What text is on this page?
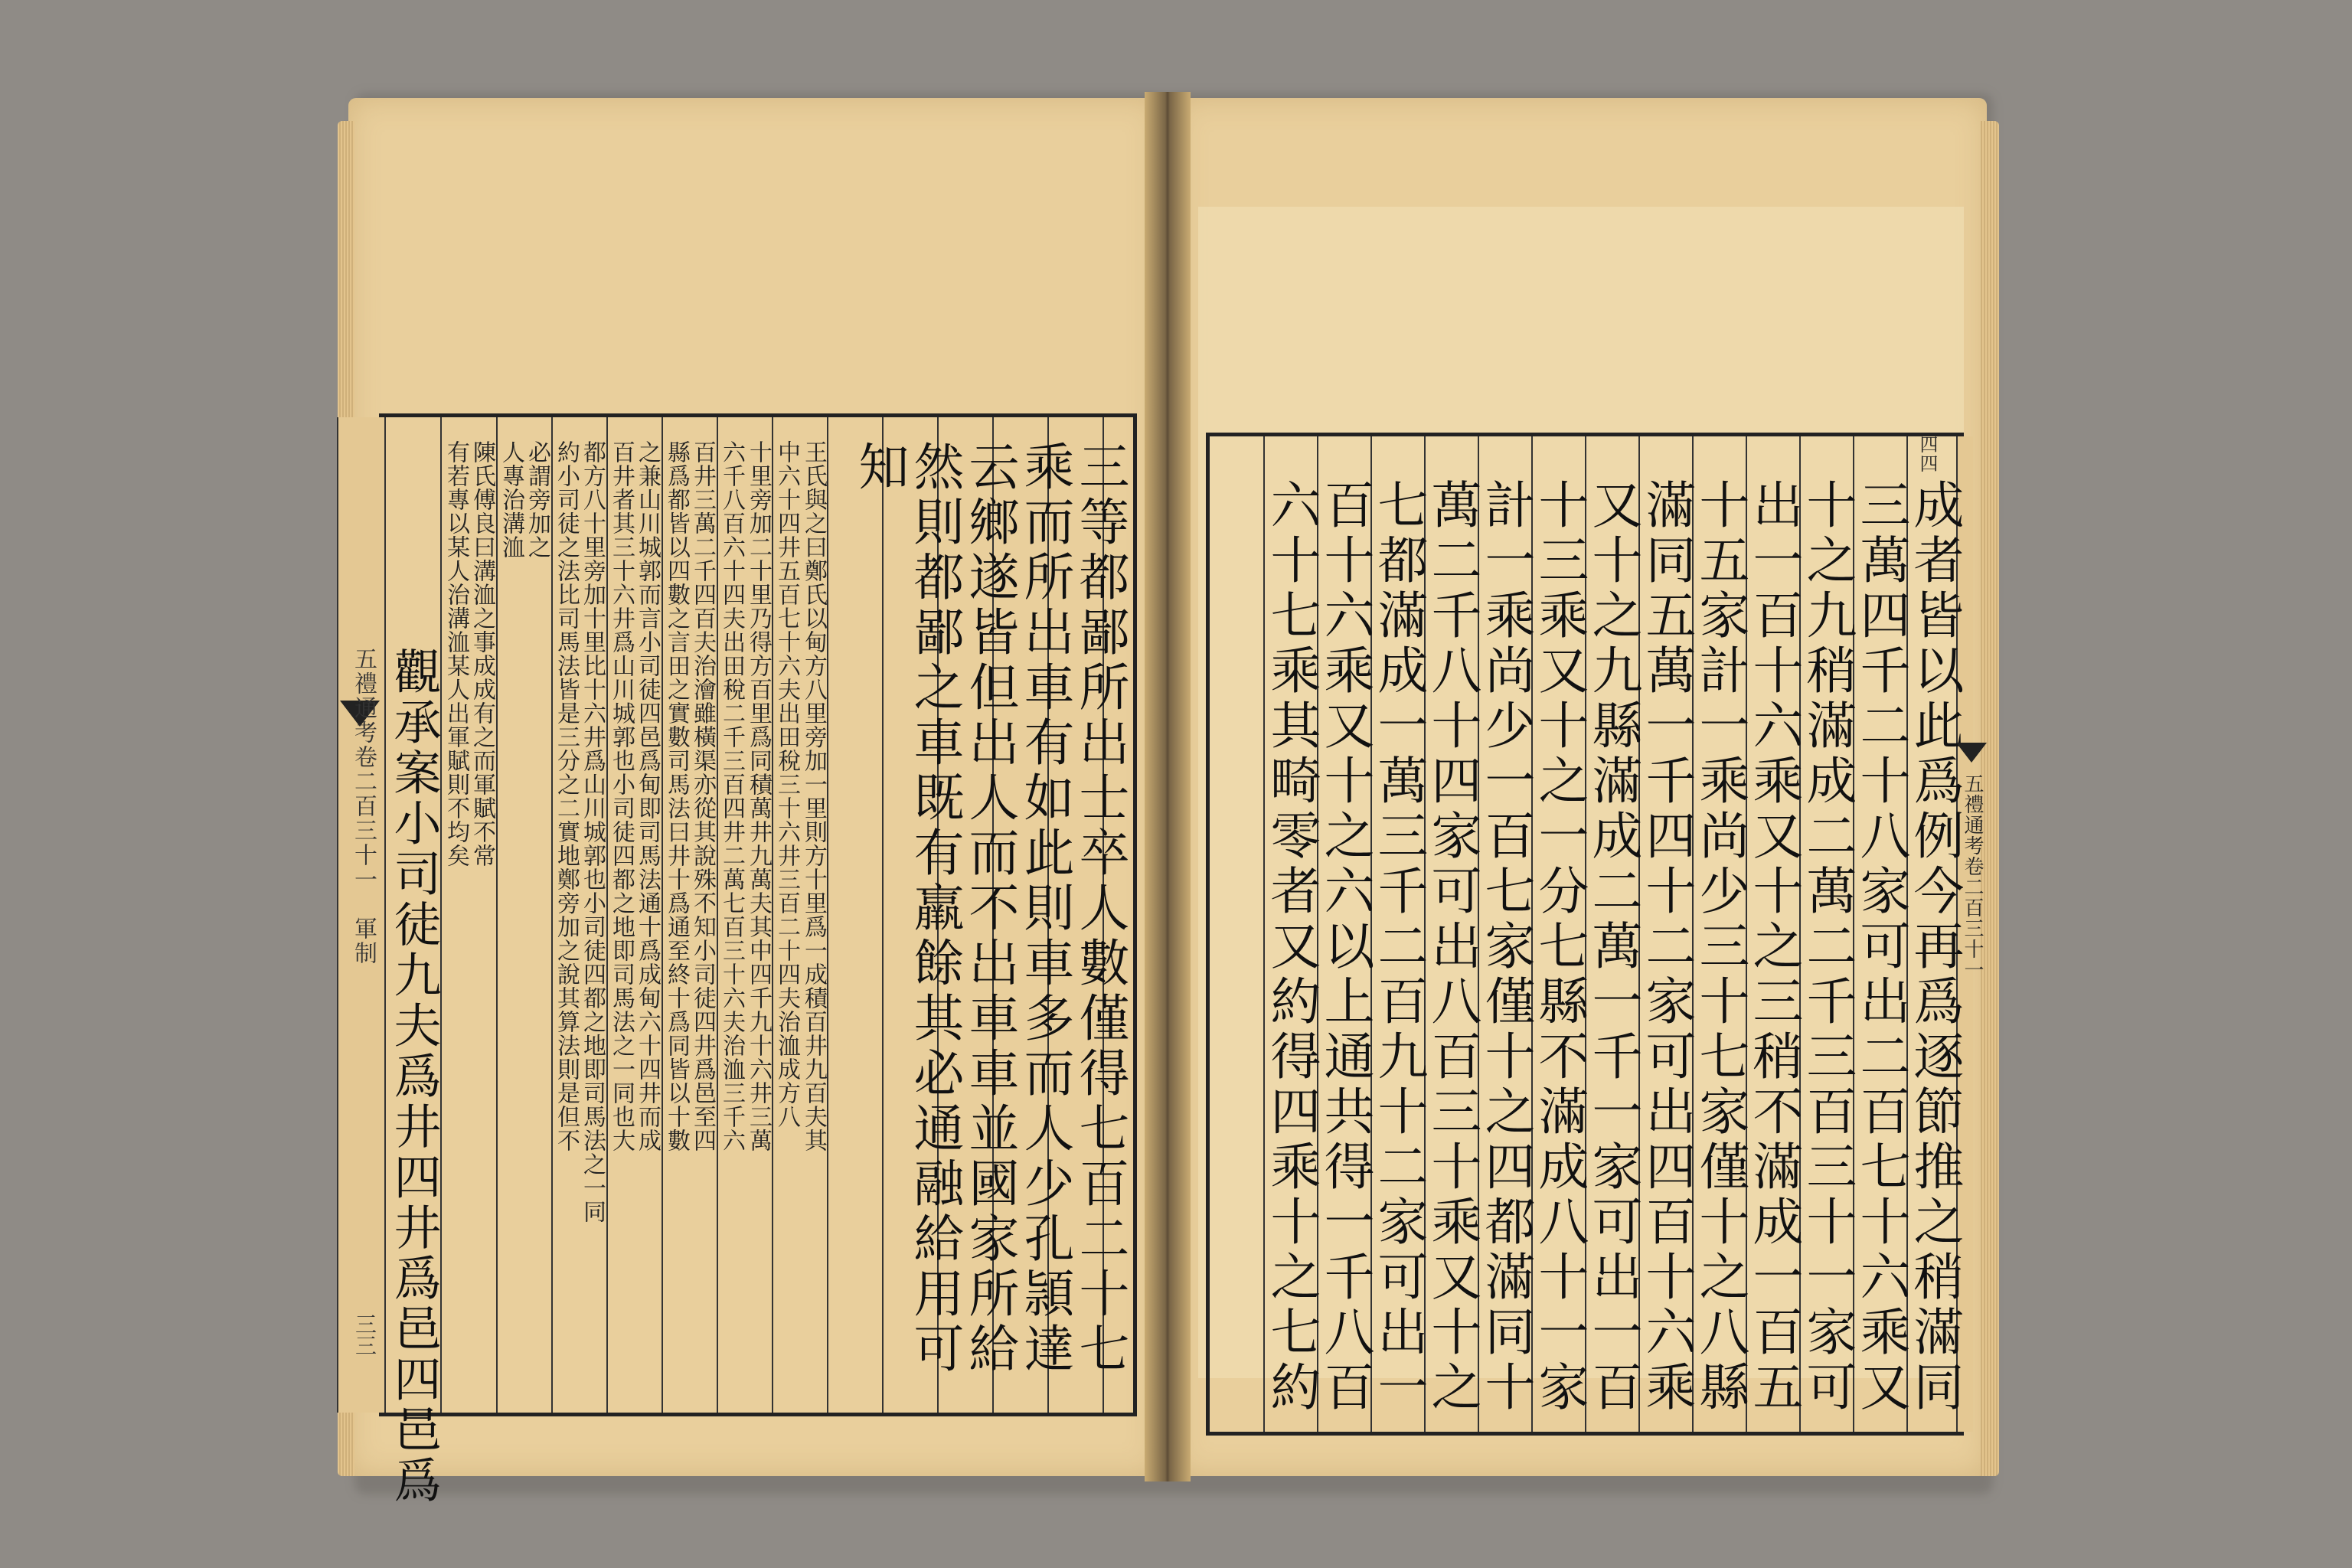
五禮通考卷二百三十一　軍制
三三	三等都鄙所出士卒人數僅得七百二十七
乘而所出車有如此則車多而人少孔頴達
云鄉遂皆但出人而不出車車並國家所給
然則都鄙之車既有羸餘其必通融給用可
知
觀承案小司徒九夫爲井四井爲邑四邑爲	王氏與之曰鄭氏以甸方八里旁加一里則方十里爲一成積百井九百夫其
中六十四井五百七十六夫出田稅三十六井三百二十四夫治洫成方八
十里旁加二十里乃得方百里爲同積萬井九萬夫其中四千九十六井三萬
六千八百六十四夫出田稅二千三百四井二萬七百三十六夫治洫三千六
百井三萬二千四百夫治澮雖橫渠亦從其說殊不知小司徒四井爲邑至四
縣爲都皆以四數之言田之實數司馬法曰井十爲通至終十爲同皆以十數
之兼山川城郭而言小司徒四邑爲甸即司馬法通十爲成甸六十四井而成
百井者其三十六井爲山川城郭也小司徒四都之地即司馬法之一同也大
都方八十里旁加十里比十六井爲山川城郭也小司徒四都之地即司馬法之一同
約小司徒之法比司馬法皆是三分之二實地鄭旁加之說其算法則是但不
必謂旁加之
人專治溝洫
陳氏傅良曰溝洫之事成成有之而軍賦不常
有若專以某人治溝洫某人出軍賦則不均矣	四四
成者皆以此爲例今再爲逐節推之稍滿同
三萬四千二十八家可出二百七十六乘又
十之九稍滿成二萬二千三百三十一家可
出一百十六乘又十之三稍不滿成一百五
十五家計一乘尚少三十七家僅十之八縣
滿同五萬一千四十二家可出四百十六乘
又十之九縣滿成二萬一千一家可出一百
十三乘又十之一分七縣不滿成八十一家
計一乘尚少一百七家僅十之四都滿同十
萬二千八十四家可出八百三十乘又十之
七都滿成一萬三千二百九十二家可出一
百十六乘又十之六以上通共得一千八百
六十七乘其畸零者又約得四乘十之七約	五禮通考卷二百三十一
